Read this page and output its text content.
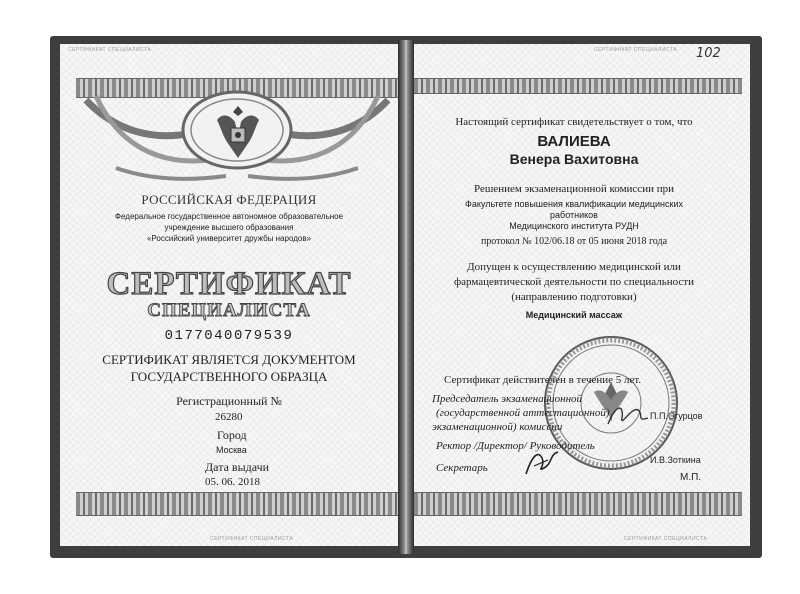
СЕРТИФИКАТ СПЕЦИАЛИСТА
СЕРТИФИКАТ СПЕЦИАЛИСТА
РОССИЙСКАЯ ФЕДЕРАЦИЯ
Федеральное государственное автономное образовательное
учреждение высшего образования
«Российский университет дружбы народов»
СЕРТИФИКАТ
СПЕЦИАЛИСТА
0177040079539
СЕРТИФИКАТ ЯВЛЯЕТСЯ ДОКУМЕНТОМ
ГОСУДАРСТВЕННОГО ОБРАЗЦА
Регистрационный №
26280
Город
Москва
Дата выдачи
05. 06. 2018
СЕРТИФИКАТ СПЕЦИАЛИСТА
СЕРТИФИКАТ СПЕЦИАЛИСТА
102
Настоящий сертификат свидетельствует о том, что
ВАЛИЕВА
Венера Вахитовна
Решением экзаменационной комиссии при
Факультете повышения квалификации медицинских
работников
Медицинского института РУДН
протокол № 102/06.18 от 05 июня 2018 года
Допущен к осуществлению медицинской или
фармацевтической деятельности по специальности
(направлению подготовки)
Медицинский массаж
Сертификат действителен в течение 5 лет.
Председатель экзаменационной
(государственной аттестационной)
экзаменационной) комиссии
П.П.Огурцов
Ректор /Директор/ Руководитель
И.В.Зоткина
Секретарь
М.П.
